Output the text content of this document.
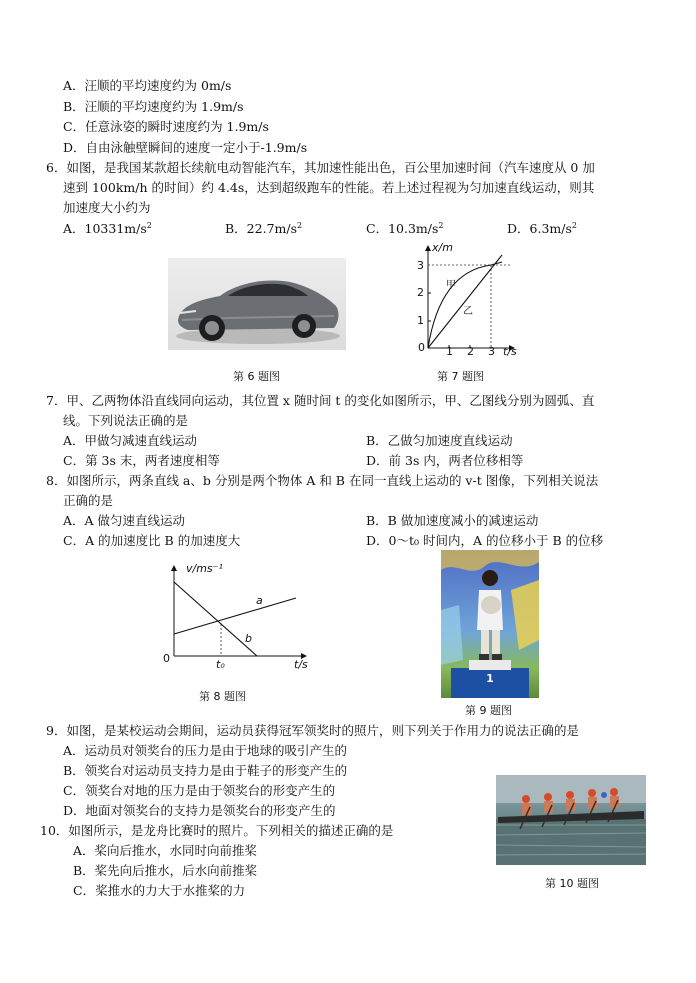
A．汪顺的平均速度约为 0m/s
B．汪顺的平均速度约为 1.9m/s
C．任意泳姿的瞬时速度约为 1.9m/s
D．自由泳触壁瞬间的速度一定小于-1.9m/s
6．如图，是我国某款超长续航电动智能汽车，其加速性能出色，百公里加速时间（汽车速度从 0 加
速到 100km/h 的时间）约 4.4s，达到超级跑车的性能。若上述过程视为匀加速直线运动，则其
加速度大小约为
A．$10331m/s^2$	B．$22.7m/s^2$	C．$10.3m/s^2$	D．$6.3m/s^2$
第 6 题图
x/m
3
2
1
0 1 2 3 t/s
甲
乙
第 7 题图
7．甲、乙两物体沿直线同向运动，其位置 x 随时间 t 的变化如图所示，甲、乙图线分别为圆弧、直
线。下列说法正确的是
A．甲做匀减速直线运动	B．乙做匀加速度直线运动
C．第 3s 末，两者速度相等	D．前 3s 内，两者位移相等
8．如图所示，两条直线 a、b 分别是两个物体 A 和 B 在同一直线上运动的 v-t 图像，下列相关说法
正确的是
A．A 做匀速直线运动	B．B 做加速度减小的减速运动
C．A 的加速度比 B 的加速度大	D．0～t₀ 时间内，A 的位移小于 B 的位移
v/ms⁻¹
0	t₀	t/s
a
b
第 8 题图
1
第 9 题图
9．如图，是某校运动会期间，运动员获得冠军领奖时的照片，则下列关于作用力的说法正确的是
A．运动员对领奖台的压力是由于地球的吸引产生的
B．领奖台对运动员支持力是由于鞋子的形变产生的
C．领奖台对地的压力是由于领奖台的形变产生的
D．地面对领奖台的支持力是领奖台的形变产生的
第 10 题图
10．如图所示，是龙舟比赛时的照片。下列相关的描述正确的是
A．桨向后推水，水同时向前推桨
B．桨先向后推水，后水向前推桨
C．桨推水的力大于水推桨的力
